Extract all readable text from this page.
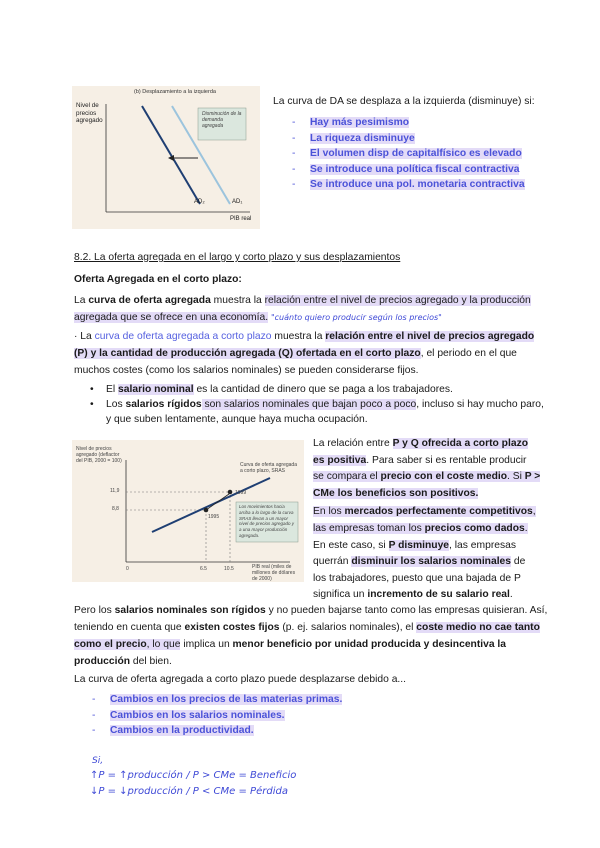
(b) Desplazamiento a la izquierda
Nivel de precios agregado
Disminución de la demanda agregada
AD₂	AD₁
PIB real
La curva de DA se desplaza a la izquierda (disminuye) si:
- Hay más pesimismo
- La riqueza disminuye
- El volumen disp de capitalfísico es elevado
- Se introduce una política fiscal contractiva
- Se introduce una pol. monetaria contractiva
8.2. La oferta agregada en el largo y corto plazo y sus desplazamientos
Oferta Agregada en el corto plazo:
La curva de oferta agregada muestra la relación entre el nivel de precios agregado y la producción
agregada que se ofrece en una economía. "cuánto quiero producir según los precios"
· La curva de oferta agregada a corto plazo muestra la relación entre el nivel de precios agregado
(P) y la cantidad de producción agregada (Q) ofertada en el corto plazo, el periodo en el que
muchos costes (como los salarios nominales) se pueden considerarse fijos.
• El salario nominal es la cantidad de dinero que se paga a los trabajadores.
• Los salarios rígidos son salarios nominales que bajan poco a poco, incluso si hay mucho paro,
y que suben lentamente, aunque haya mucha ocupación.
Nivel de precios agregado (deflactor del PIB, 2000 = 100)
Curva de oferta agregada a corto plazo, SRAS
Los movimientos hacia arriba a lo largo de la curva SRAS llevan a un mayor nivel de precios agregado y a una mayor producción agregada.
11,9
8,8
0	6.5	10.5
1995
1999
PIB real (miles de millones de dólares de 2000)
La relación entre P y Q ofrecida a corto plazo
es positiva. Para saber si es rentable producir
se compara el precio con el coste medio. Si P >
CMe los beneficios son positivos.
En los mercados perfectamente competitivos,
las empresas toman los precios como dados.
En este caso, si P disminuye, las empresas
querrán disminuir los salarios nominales de
los trabajadores, puesto que una bajada de P
significa un incremento de su salario real.
Pero los salarios nominales son rígidos y no pueden bajarse tanto como las empresas quisieran. Así,
teniendo en cuenta que existen costes fijos (p. ej. salarios nominales), el coste medio no cae tanto
como el precio, lo que implica un menor beneficio por unidad producida y desincentiva la
producción del bien.
La curva de oferta agregada a corto plazo puede desplazarse debido a...
- Cambios en los precios de las materias primas.
- Cambios en los salarios nominales.
- Cambios en la productividad.
Si,
↑P = ↑producción / P > CMe = Beneficio
↓P = ↓producción / P < CMe = Pérdida
